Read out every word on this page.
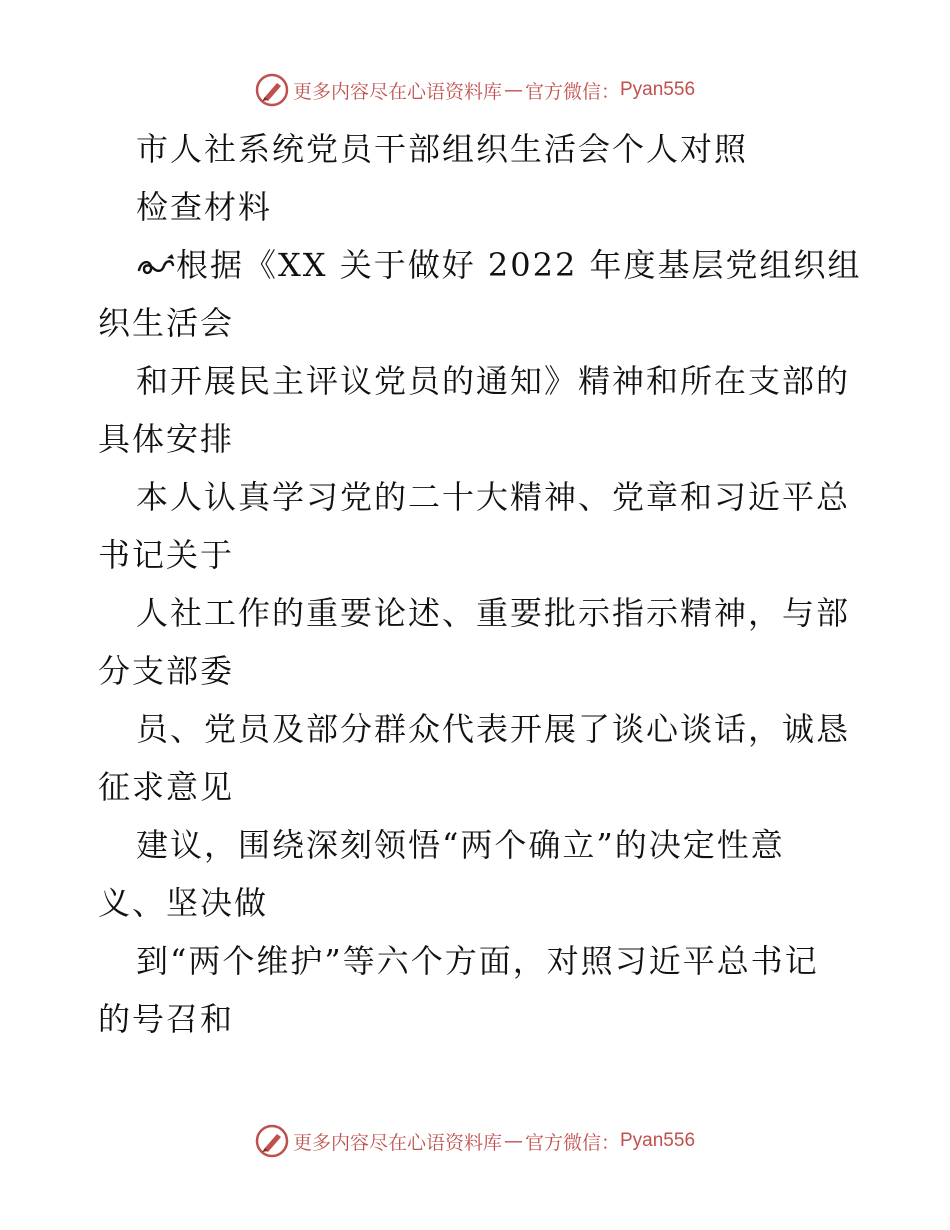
更多内容尽在心语资料库 — 官方微信： Pyan556
市人社系统党员干部组织生活会个人对照
检查材料
根据《XX 关于做好 2022 年度基层党组织组
织生活会
和开展民主评议党员的通知》精神和所在支部的
具体安排
本人认真学习党的二十大精神、党章和习近平总
书记关于
人社工作的重要论述、重要批示指示精神，与部
分支部委
员、党员及部分群众代表开展了谈心谈话，诚恳
征求意见
建议，围绕深刻领悟“两个确立”的决定性意
义、坚决做
到“两个维护”等六个方面，对照习近平总书记
的号召和
更多内容尽在心语资料库 — 官方微信： Pyan556
